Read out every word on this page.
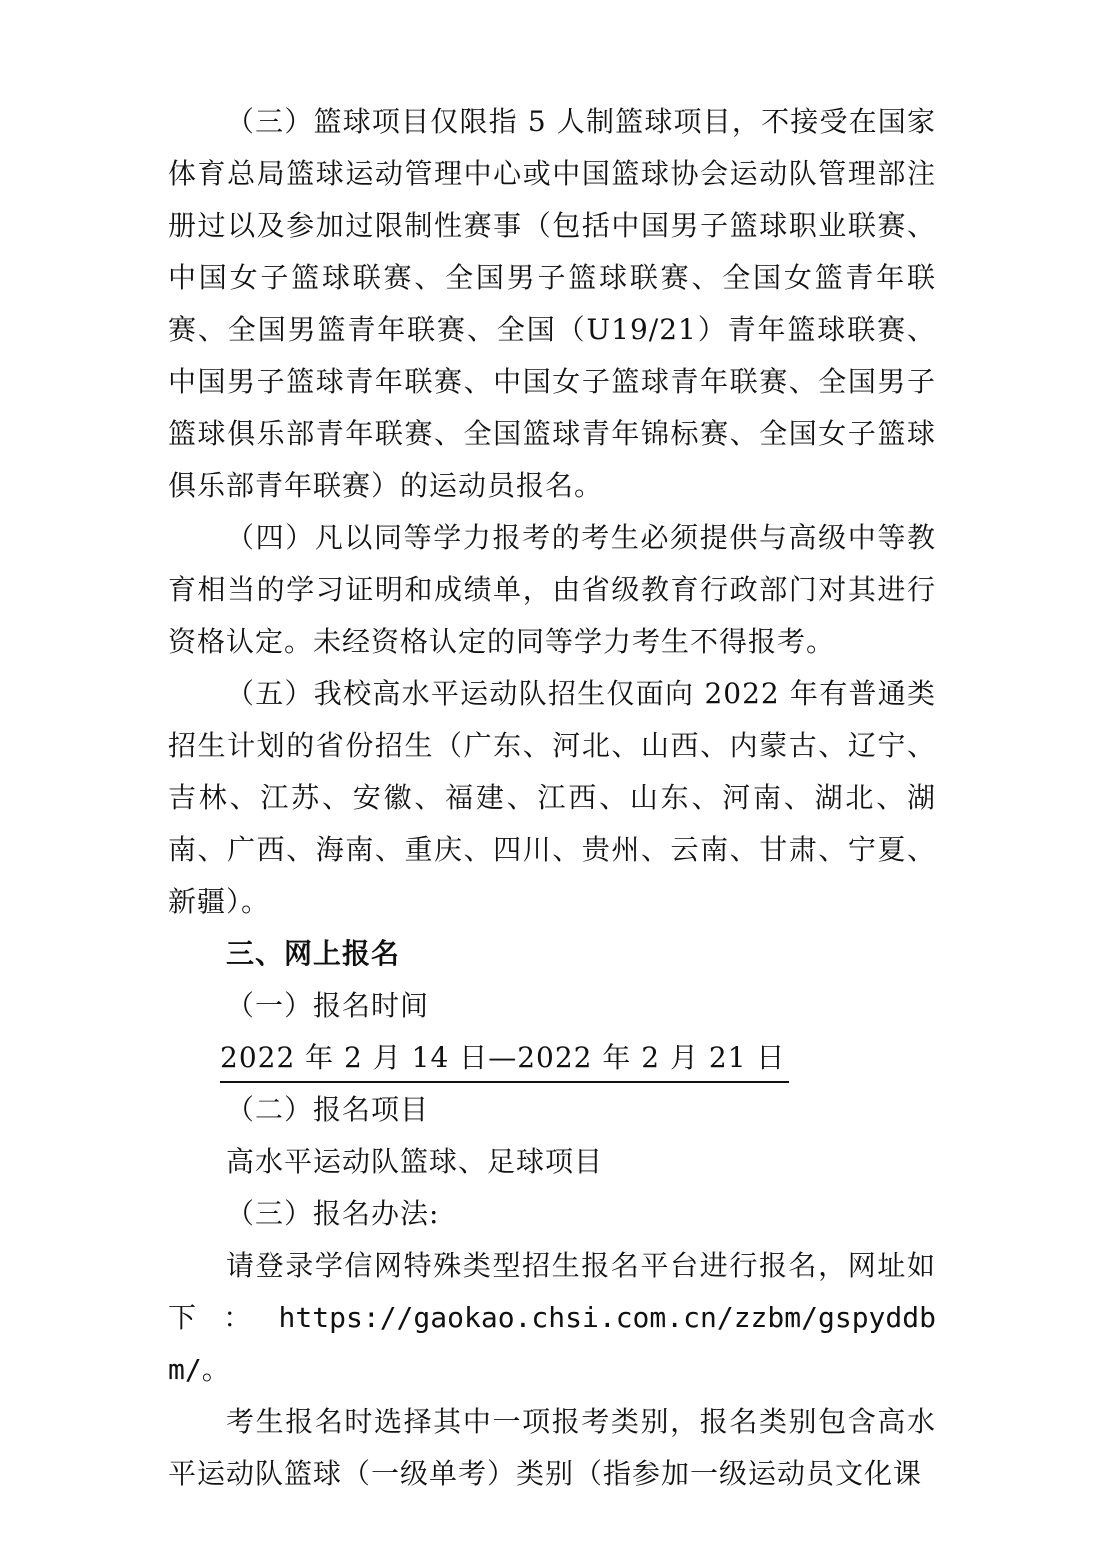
（三）篮球项目仅限指 5 人制篮球项目，不接受在国家体育总局篮球运动管理中心或中国篮球协会运动队管理部注册过以及参加过限制性赛事（包括中国男子篮球职业联赛、中国女子篮球联赛、全国男子篮球联赛、全国女篮青年联赛、全国男篮青年联赛、全国（U19/21）青年篮球联赛、中国男子篮球青年联赛、中国女子篮球青年联赛、全国男子篮球俱乐部青年联赛、全国篮球青年锦标赛、全国女子篮球俱乐部青年联赛）的运动员报名。

（四）凡以同等学力报考的考生必须提供与高级中等教育相当的学习证明和成绩单，由省级教育行政部门对其进行资格认定。未经资格认定的同等学力考生不得报考。

（五）我校高水平运动队招生仅面向 2022 年有普通类招生计划的省份招生（广东、河北、山西、内蒙古、辽宁、吉林、江苏、安徽、福建、江西、山东、河南、湖北、湖南、广西、海南、重庆、四川、贵州、云南、甘肃、宁夏、新疆）。

三、网上报名

（一）报名时间

2022 年 2 月 14 日—2022 年 2 月 21 日

（二）报名项目

高水平运动队篮球、足球项目

（三）报名办法:

请登录学信网特殊类型招生报名平台进行报名，网址如下：https://gaokao.chsi.com.cn/zzbm/gspyddbm/。

考生报名时选择其中一项报考类别，报名类别包含高水平运动队篮球（一级单考）类别（指参加一级运动员文化课
